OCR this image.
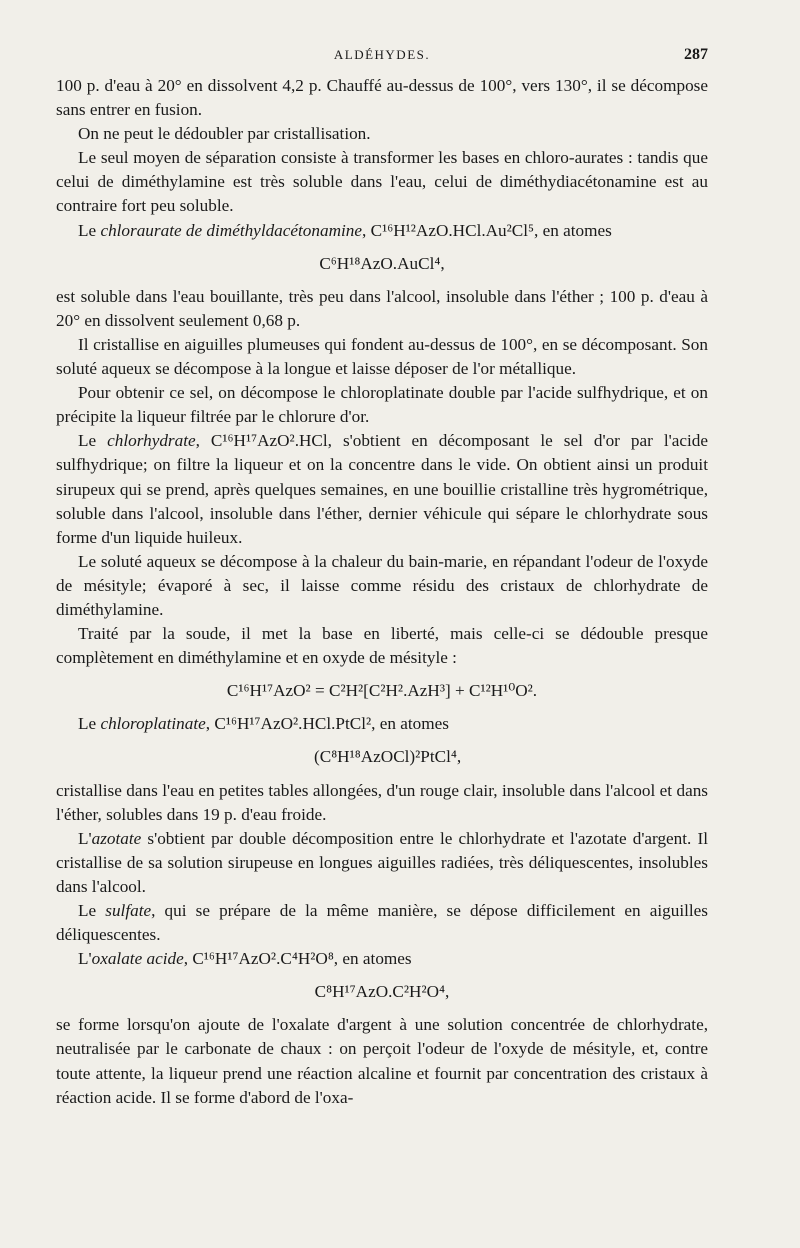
ALDÉHYDES.	287

100 p. d'eau à 20° en dissolvent 4,2 p. Chauffé au-dessus de 100°, vers 130°, il se décompose sans entrer en fusion.

On ne peut le dédoubler par cristallisation.

Le seul moyen de séparation consiste à transformer les bases en chloro-aurates : tandis que celui de diméthylamine est très soluble dans l'eau, celui de diméthydiacétonamine est au contraire fort peu soluble.

Le chloraurate de diméthyldacétonamine, C¹⁶H¹²AzO.HCl.Au²Cl⁵, en atomes

C⁶H¹⁸AzO.AuCl⁴,

est soluble dans l'eau bouillante, très peu dans l'alcool, insoluble dans l'éther ; 100 p. d'eau à 20° en dissolvent seulement 0,68 p.

Il cristallise en aiguilles plumeuses qui fondent au-dessus de 100°, en se décomposant. Son soluté aqueux se décompose à la longue et laisse déposer de l'or métallique.

Pour obtenir ce sel, on décompose le chloroplatinate double par l'acide sulfhydrique, et on précipite la liqueur filtrée par le chlorure d'or.

Le chlorhydrate, C¹⁶H¹⁷AzO².HCl, s'obtient en décomposant le sel d'or par l'acide sulfhydrique; on filtre la liqueur et on la concentre dans le vide. On obtient ainsi un produit sirupeux qui se prend, après quelques semaines, en une bouillie cristalline très hygrométrique, soluble dans l'alcool, insoluble dans l'éther, dernier véhicule qui sépare le chlorhydrate sous forme d'un liquide huileux.

Le soluté aqueux se décompose à la chaleur du bain-marie, en répandant l'odeur de l'oxyde de mésityle; évaporé à sec, il laisse comme résidu des cristaux de chlorhydrate de diméthylamine.

Traité par la soude, il met la base en liberté, mais celle-ci se dédouble presque complètement en diméthylamine et en oxyde de mésityle :

C¹⁶H¹⁷AzO² = C²H²[C²H².AzH³] + C¹²H¹⁰O².

Le chloroplatinate, C¹⁶H¹⁷AzO².HCl.PtCl², en atomes

(C⁸H¹⁸AzOCl)²PtCl⁴,

cristallise dans l'eau en petites tables allongées, d'un rouge clair, insoluble dans l'alcool et dans l'éther, solubles dans 19 p. d'eau froide.

L'azotate s'obtient par double décomposition entre le chlorhydrate et l'azotate d'argent. Il cristallise de sa solution sirupeuse en longues aiguilles radiées, très déliquescentes, insolubles dans l'alcool.

Le sulfate, qui se prépare de la même manière, se dépose difficilement en aiguilles déliquescentes.

L'oxalate acide, C¹⁶H¹⁷AzO².C⁴H²O⁸, en atomes

C⁸H¹⁷AzO.C²H²O⁴,

se forme lorsqu'on ajoute de l'oxalate d'argent à une solution concentrée de chlorhydrate, neutralisée par le carbonate de chaux : on perçoit l'odeur de l'oxyde de mésityle, et, contre toute attente, la liqueur prend une réaction alcaline et fournit par concentration des cristaux à réaction acide. Il se forme d'abord de l'oxa-
